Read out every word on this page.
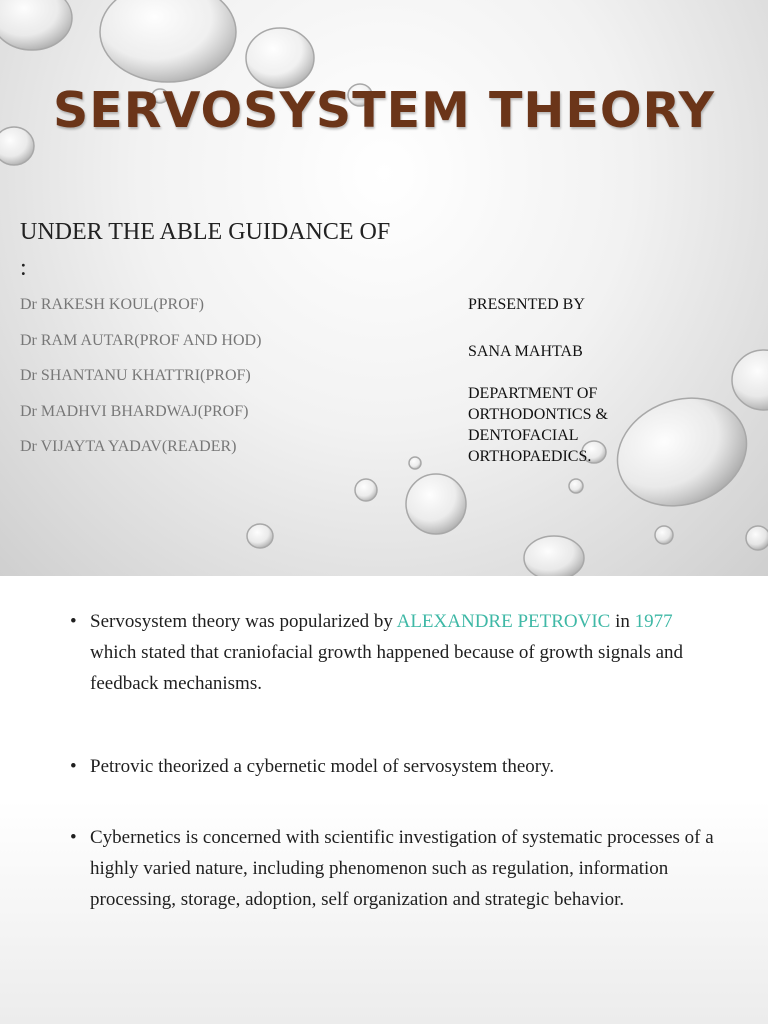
SERVOSYSTEM THEORY
UNDER THE ABLE GUIDANCE OF :
Dr RAKESH KOUL(PROF)
Dr RAM AUTAR(PROF AND HOD)
Dr SHANTANU KHATTRI(PROF)
Dr MADHVI BHARDWAJ(PROF)
Dr VIJAYTA YADAV(READER)
PRESENTED BY
SANA MAHTAB
DEPARTMENT OF ORTHODONTICS & DENTOFACIAL ORTHOPAEDICS.
• Servosystem theory was popularized by ALEXANDRE PETROVIC in 1977 which stated that craniofacial growth happened because of growth signals and feedback mechanisms.
• Petrovic theorized a cybernetic model of servosystem theory.
• Cybernetics is concerned with scientific investigation of systematic processes of a highly varied nature, including phenomenon such as regulation, information processing, storage, adoption, self organization and strategic behavior.
